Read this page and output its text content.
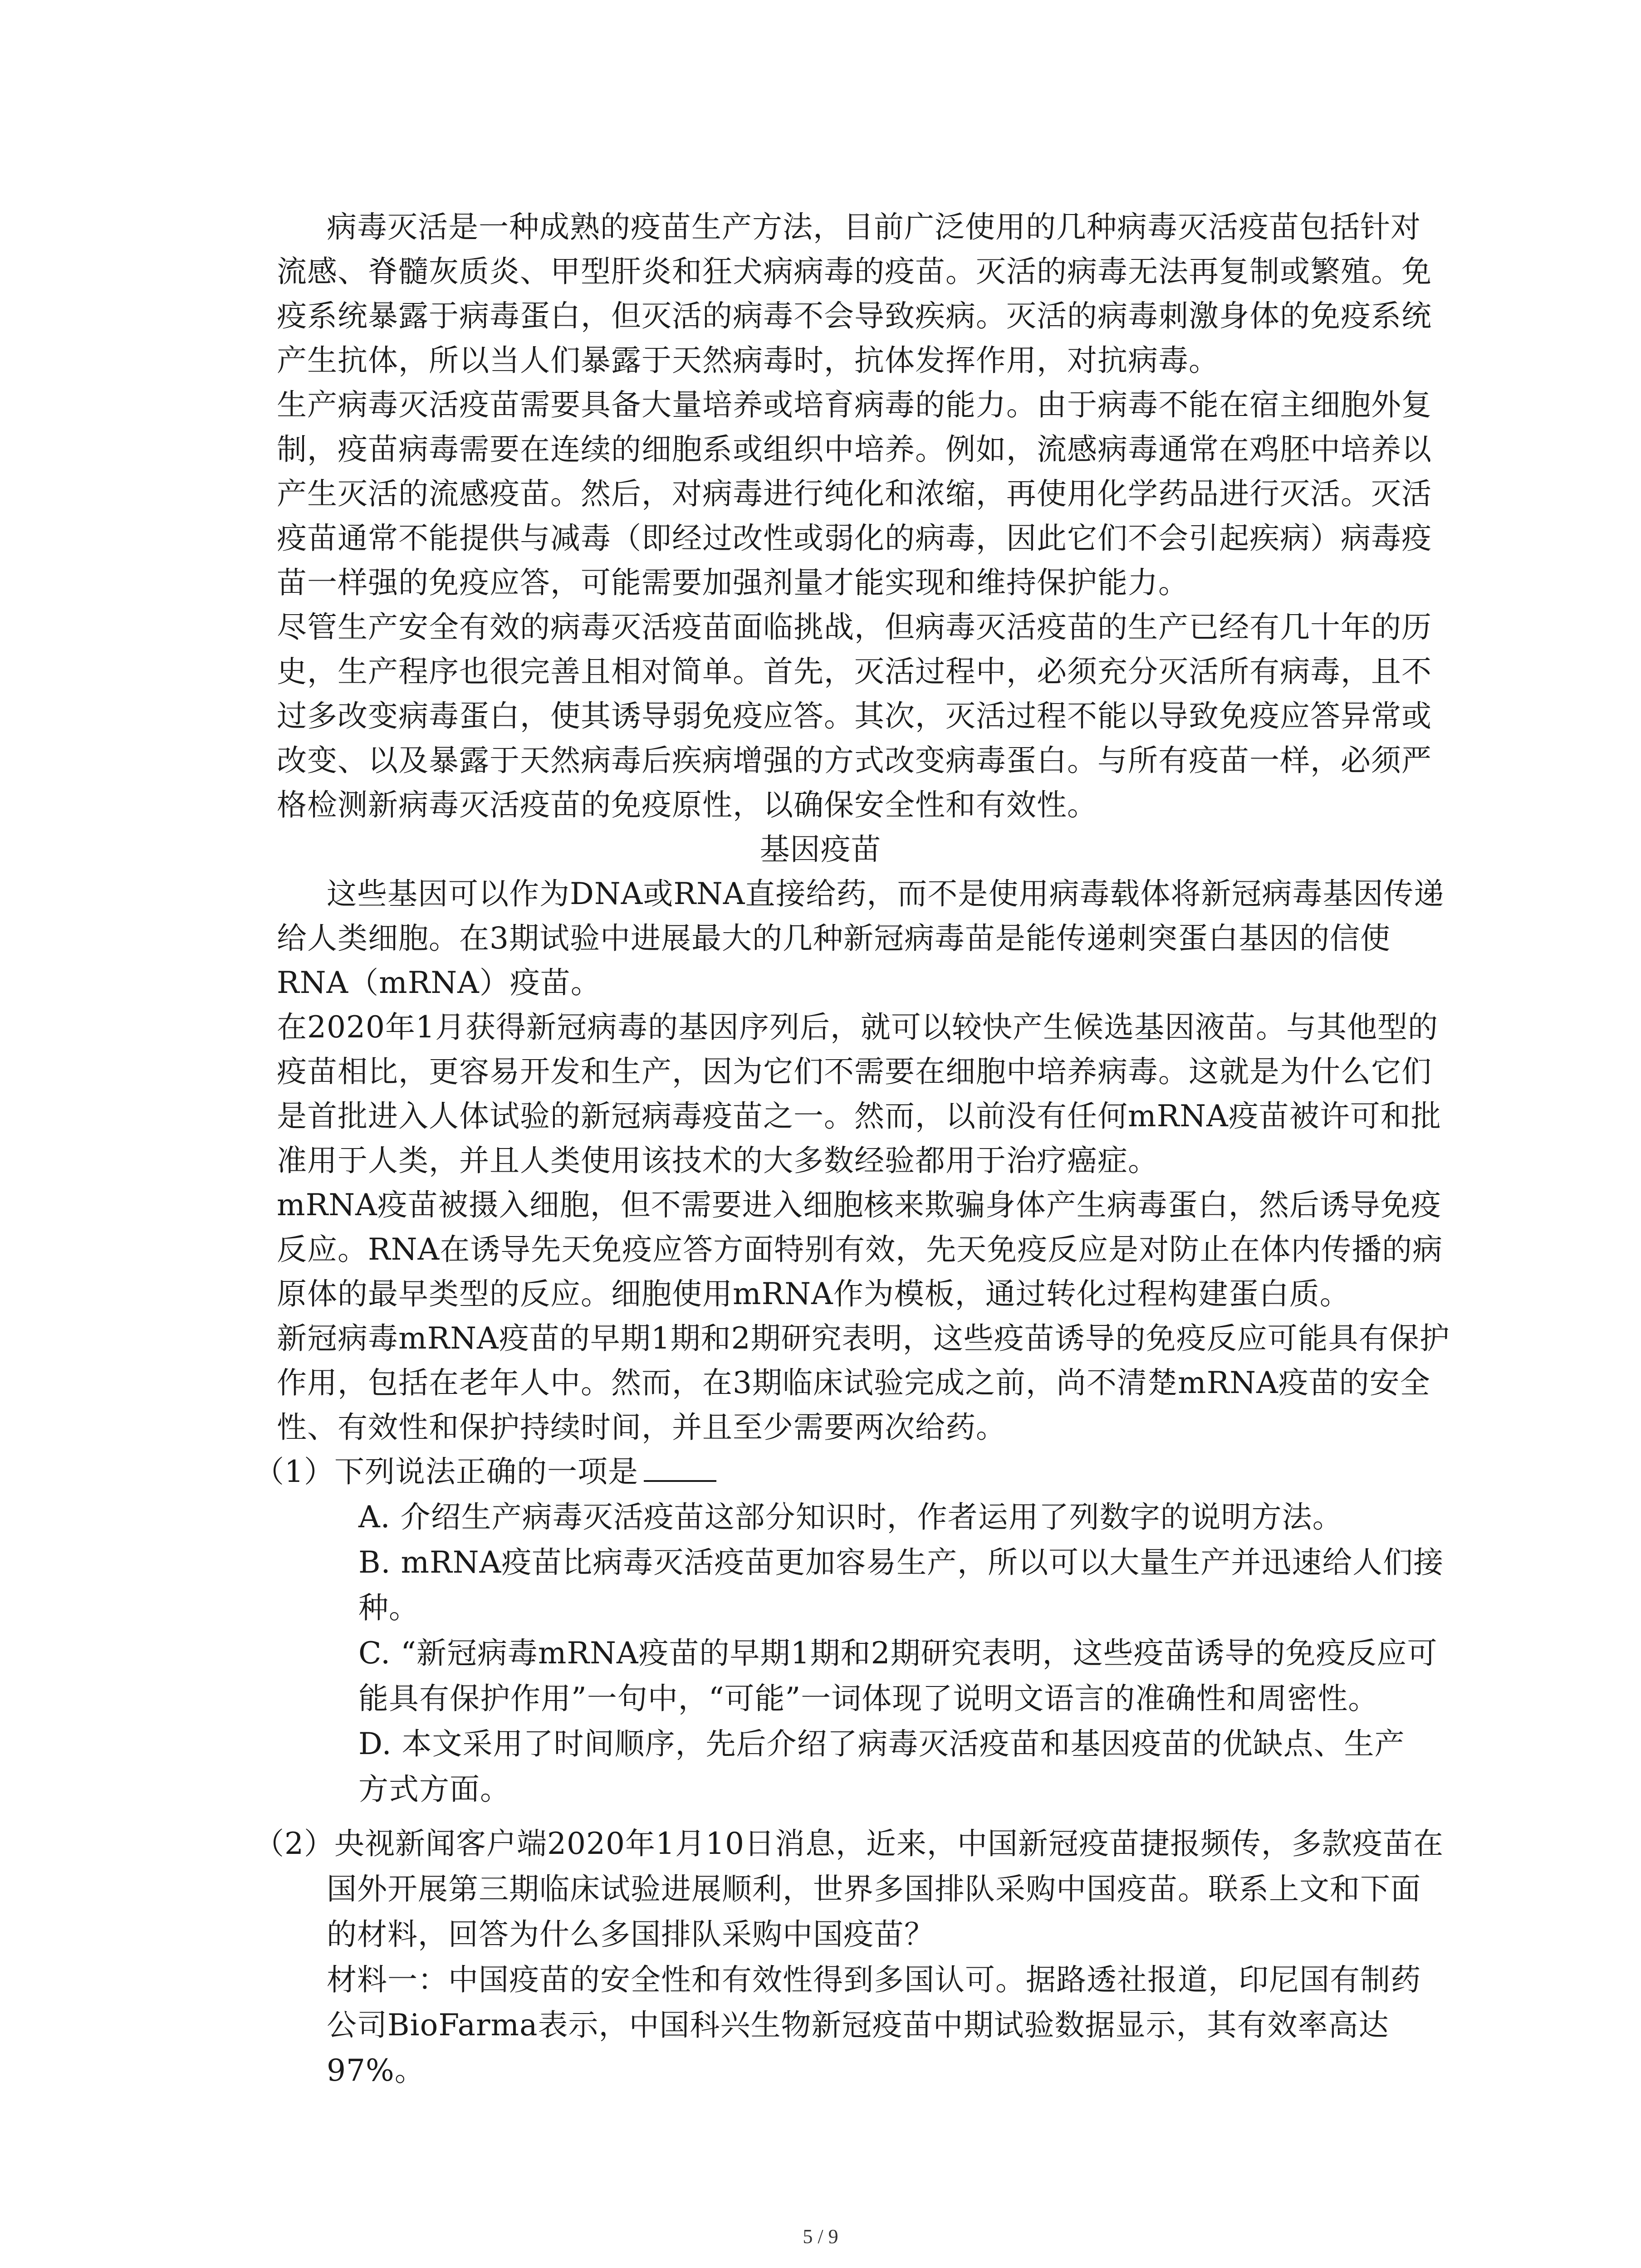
病毒灭活是一种成熟的疫苗生产方法，目前广泛使用的几种病毒灭活疫苗包括针对
流感、脊髓灰质炎、甲型肝炎和狂犬病病毒的疫苗。灭活的病毒无法再复制或繁殖。免
疫系统暴露于病毒蛋白，但灭活的病毒不会导致疾病。灭活的病毒刺激身体的免疫系统
产生抗体，所以当人们暴露于天然病毒时，抗体发挥作用，对抗病毒。
生产病毒灭活疫苗需要具备大量培养或培育病毒的能力。由于病毒不能在宿主细胞外复
制，疫苗病毒需要在连续的细胞系或组织中培养。例如，流感病毒通常在鸡胚中培养以
产生灭活的流感疫苗。然后，对病毒进行纯化和浓缩，再使用化学药品进行灭活。灭活
疫苗通常不能提供与减毒（即经过改性或弱化的病毒，因此它们不会引起疾病）病毒疫
苗一样强的免疫应答，可能需要加强剂量才能实现和维持保护能力。
尽管生产安全有效的病毒灭活疫苗面临挑战，但病毒灭活疫苗的生产已经有几十年的历
史，生产程序也很完善且相对简单。首先，灭活过程中，必须充分灭活所有病毒，且不
过多改变病毒蛋白，使其诱导弱免疫应答。其次，灭活过程不能以导致免疫应答异常或
改变、以及暴露于天然病毒后疾病增强的方式改变病毒蛋白。与所有疫苗一样，必须严
格检测新病毒灭活疫苗的免疫原性，以确保安全性和有效性。
基因疫苗
这些基因可以作为DNA或RNA直接给药，而不是使用病毒载体将新冠病毒基因传递
给人类细胞。在3期试验中进展最大的几种新冠病毒苗是能传递刺突蛋白基因的信使
RNA（mRNA）疫苗。
在2020年1月获得新冠病毒的基因序列后，就可以较快产生候选基因液苗。与其他型的
疫苗相比，更容易开发和生产，因为它们不需要在细胞中培养病毒。这就是为什么它们
是首批进入人体试验的新冠病毒疫苗之一。然而，以前没有任何mRNA疫苗被许可和批
准用于人类，并且人类使用该技术的大多数经验都用于治疗癌症。
mRNA疫苗被摄入细胞，但不需要进入细胞核来欺骗身体产生病毒蛋白，然后诱导免疫
反应。RNA在诱导先天免疫应答方面特别有效，先天免疫反应是对防止在体内传播的病
原体的最早类型的反应。细胞使用mRNA作为模板，通过转化过程构建蛋白质。
新冠病毒mRNA疫苗的早期1期和2期研究表明，这些疫苗诱导的免疫反应可能具有保护
作用，包括在老年人中。然而，在3期临床试验完成之前，尚不清楚mRNA疫苗的安全
性、有效性和保护持续时间，并且至少需要两次给药。
（1）下列说法正确的一项是
A. 介绍生产病毒灭活疫苗这部分知识时，作者运用了列数字的说明方法。
B. mRNA疫苗比病毒灭活疫苗更加容易生产，所以可以大量生产并迅速给人们接
种。
C. “新冠病毒mRNA疫苗的早期1期和2期研究表明，这些疫苗诱导的免疫反应可
能具有保护作用”一句中，“可能”一词体现了说明文语言的准确性和周密性。
D. 本文采用了时间顺序，先后介绍了病毒灭活疫苗和基因疫苗的优缺点、生产
方式方面。
（2）央视新闻客户端2020年1月10日消息，近来，中国新冠疫苗捷报频传，多款疫苗在
国外开展第三期临床试验进展顺利，世界多国排队采购中国疫苗。联系上文和下面
的材料，回答为什么多国排队采购中国疫苗？
材料一：中国疫苗的安全性和有效性得到多国认可。据路透社报道，印尼国有制药
公司BioFarma表示，中国科兴生物新冠疫苗中期试验数据显示，其有效率高达
97%。
5 / 9
